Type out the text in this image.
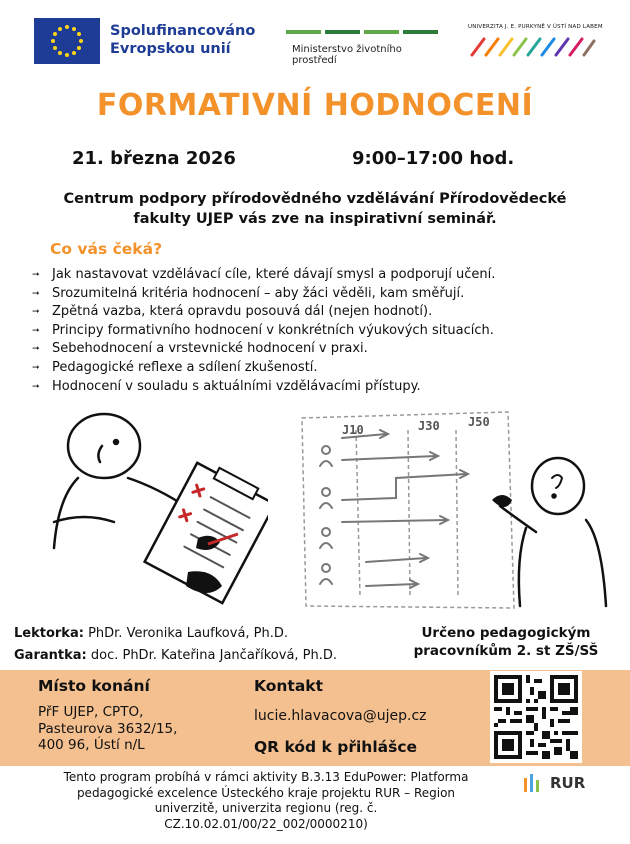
Spolufinancováno
Evropskou unií	Ministerstvo životního prostředí
UNIVERZITA J. E. PURKYNĚ V ÚSTÍ NAD LABEM
FORMATIVNÍ HODNOCENÍ
21. března 2026	9:00–17:00 hod.
Centrum podpory přírodovědného vzdělávání Přírodovědecké
fakulty UJEP vás zve na inspirativní seminář.
Co vás čeká?
➞ Jak nastavovat vzdělávací cíle, které dávají smysl a podporují učení.
➞ Srozumitelná kritéria hodnocení – aby žáci věděli, kam směřují.
➞ Zpětná vazba, která opravdu posouvá dál (nejen hodnotí).
➞ Principy formativního hodnocení v konkrétních výukových situacích.
➞ Sebehodnocení a vrstevnické hodnocení v praxi.
➞ Pedagogické reflexe a sdílení zkušeností.
➞ Hodnocení v souladu s aktuálními vzdělávacími přístupy.
J10	J30 J50
Lektorka: PhDr. Veronika Laufková, Ph.D.
Garantka: doc. PhDr. Kateřina Jančaříková, Ph.D.
Určeno pedagogickým
pracovníkům 2. st ZŠ/SŠ
Místo konání
PřF UJEP, CPTO,
Pasteurova 3632/15,
400 96, Ústí n/L
Kontakt
lucie.hlavacova@ujep.cz
QR kód k přihlášce
Tento program probíhá v rámci aktivity B.3.13 EduPower: Platforma
pedagogické excelence Ústeckého kraje projektu RUR – Region
univerzitě, univerzita regionu (reg. č.
CZ.10.02.01/00/22_002/0000210)
RUR
